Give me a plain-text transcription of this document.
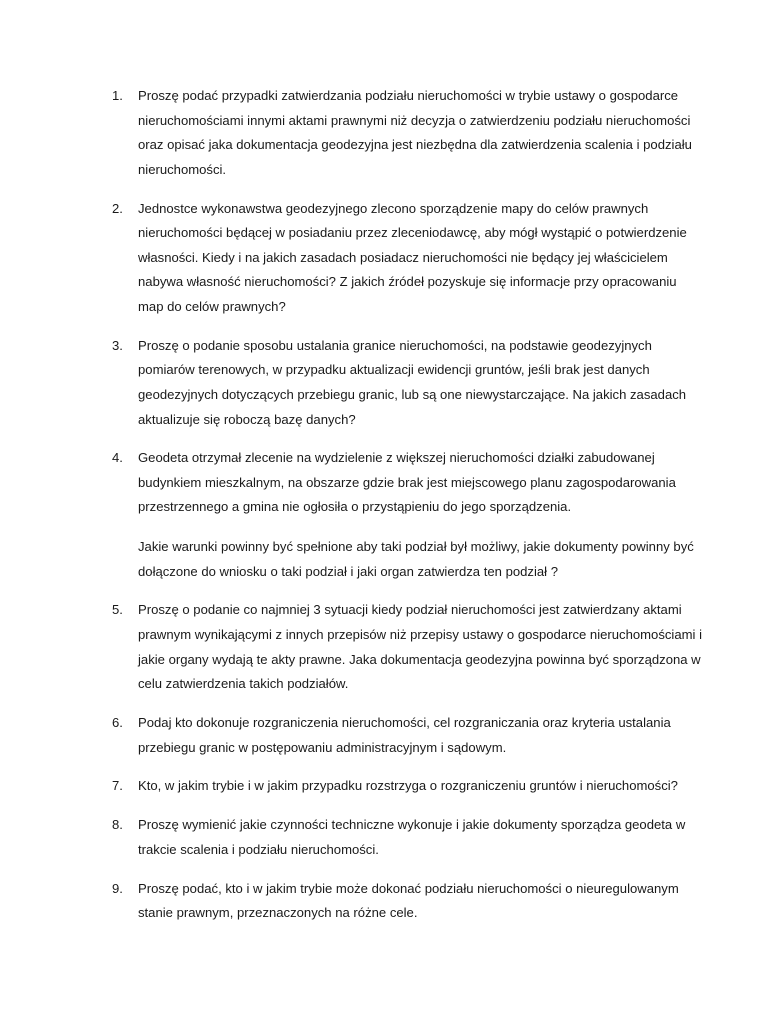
1. Proszę podać przypadki zatwierdzania podziału nieruchomości w trybie ustawy o gospodarce nieruchomościami innymi aktami prawnymi niż decyzja o zatwierdzeniu podziału nieruchomości oraz opisać jaka dokumentacja geodezyjna jest niezbędna dla zatwierdzenia scalenia i podziału nieruchomości.

2. Jednostce wykonawstwa geodezyjnego zlecono sporządzenie mapy do celów prawnych nieruchomości będącej w posiadaniu przez zleceniodawcę, aby mógł wystąpić o potwierdzenie własności. Kiedy i na jakich zasadach posiadacz nieruchomości nie będący jej właścicielem nabywa własność nieruchomości? Z jakich źródeł pozyskuje się informacje przy opracowaniu map do celów prawnych?

3. Proszę o podanie sposobu ustalania granice nieruchomości, na podstawie geodezyjnych pomiarów terenowych, w przypadku aktualizacji ewidencji gruntów, jeśli brak jest danych geodezyjnych dotyczących przebiegu granic, lub są one niewystarczające. Na jakich zasadach aktualizuje się roboczą bazę danych?

4. Geodeta otrzymał zlecenie na wydzielenie z większej nieruchomości działki zabudowanej budynkiem mieszkalnym, na obszarze gdzie brak jest miejscowego planu zagospodarowania przestrzennego a gmina nie ogłosiła o przystąpieniu do jego sporządzenia.

Jakie warunki powinny być spełnione aby taki podział był możliwy, jakie dokumenty powinny być dołączone do wniosku o taki podział i jaki organ zatwierdza ten podział ?

5. Proszę o podanie co najmniej 3 sytuacji kiedy podział nieruchomości jest zatwierdzany aktami prawnym wynikającymi z innych przepisów niż przepisy ustawy o gospodarce nieruchomościami i jakie organy wydają te akty prawne. Jaka dokumentacja geodezyjna powinna być sporządzona w celu zatwierdzenia takich podziałów.

6. Podaj kto dokonuje rozgraniczenia nieruchomości, cel rozgraniczania oraz kryteria ustalania przebiegu granic w postępowaniu administracyjnym i sądowym.

7. Kto, w jakim trybie i w jakim przypadku rozstrzyga o rozgraniczeniu gruntów i nieruchomości?

8. Proszę wymienić jakie czynności techniczne wykonuje i jakie dokumenty sporządza geodeta w trakcie scalenia i podziału nieruchomości.

9. Proszę podać, kto i w jakim trybie może dokonać podziału nieruchomości o nieuregulowanym stanie prawnym, przeznaczonych na różne cele.
